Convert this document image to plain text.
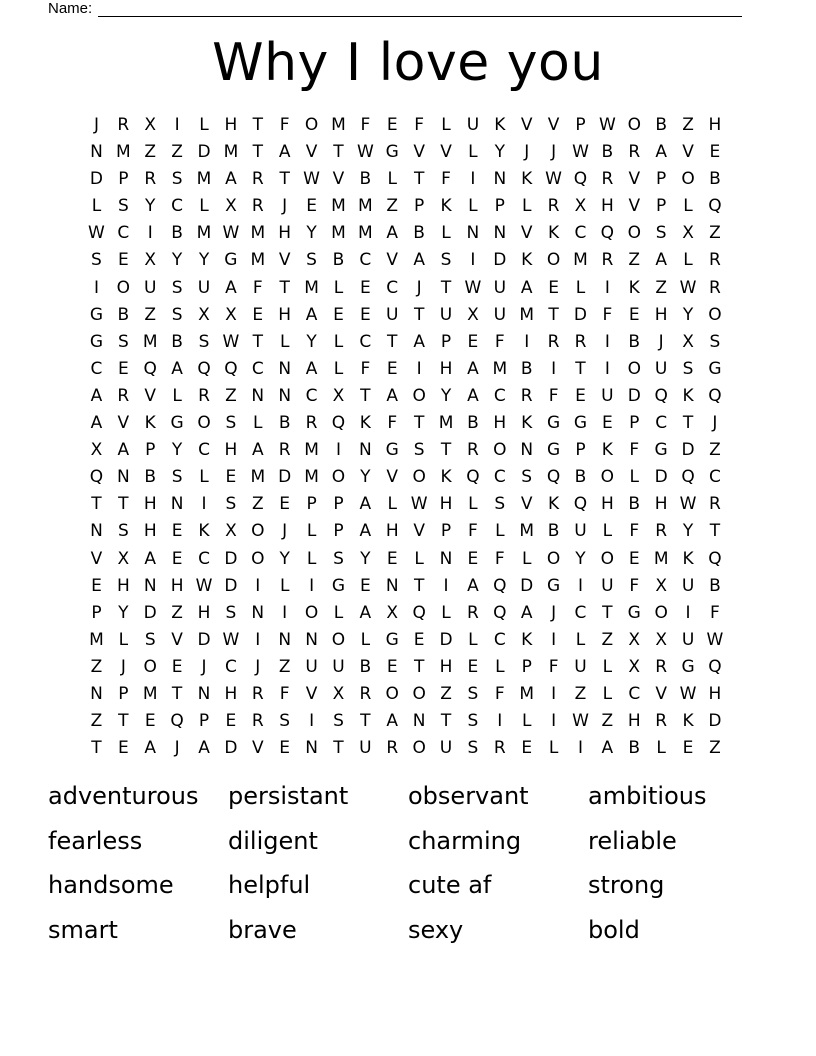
Name:
Why I love you
J	R X	I	L H T F O M F E F	L U K V V P W O B Z H
N M Z Z D M T A V T W G V V L Y	J	J W B R A V E
D P R S M A R T W V B L T F	I	N K W Q R V P O B
L S Y C L X R	J	E M M Z P K L	P	L R X H V P	L Q
W C	I	B M W M H Y M M A B L N N V K C Q O S X Z
S E X Y Y G M V S B C V A S	I	D K O M R Z A L R
I	O U S U A F T M L E C	J	T W U A E L	I	K Z W R
G B Z S X X E H A E E U T U X U M T D F E H Y O
G S M B S W T L Y L C T A P E F	I	R R	I	B	J	X S
C E Q A Q Q C N A L	F E	I	H A M B	I	T	I	O U S G
A R V L R Z N N C X T A O Y A C R F E U D Q K Q
A V K G O S L B R Q K F T M B H K G G E P C T	J
X A P Y C H A R M	I	N G S T R O N G P K F G D Z
Q N B S L E M D M O Y V O K Q C S Q B O L D Q C
T T H N	I	S Z E P P A L W H L S V K Q H B H W R
N S H E K X O	J	L	P A H V P F	L M B U L	F R Y T
V X A E C D O Y L S Y E L N E F	L O Y O E M K Q
E H N H W D	I	L	I	G E N T	I	A Q D G	I	U F X U B
P Y D Z H S N	I	O L A X Q L R Q A	J	C T G O	I	F
M L S V D W I	N N O L G E D L C K	I	L Z X X U W
Z	J	O E	J	C	J	Z U U B E T H E L	P F U L X R G Q
N P M T N H R F V X R O O Z S F M	I	Z L C V W H
Z T E Q P E R S	I	S T A N T S	I	L	I W Z H R K D
T E A	J	A D V E N T U R O U S R E L	I	A B L E Z
adventurous	persistant	observant	ambitious
fearless	diligent	charming	reliable
handsome	helpful	cute af	strong
smart	brave	sexy	bold
